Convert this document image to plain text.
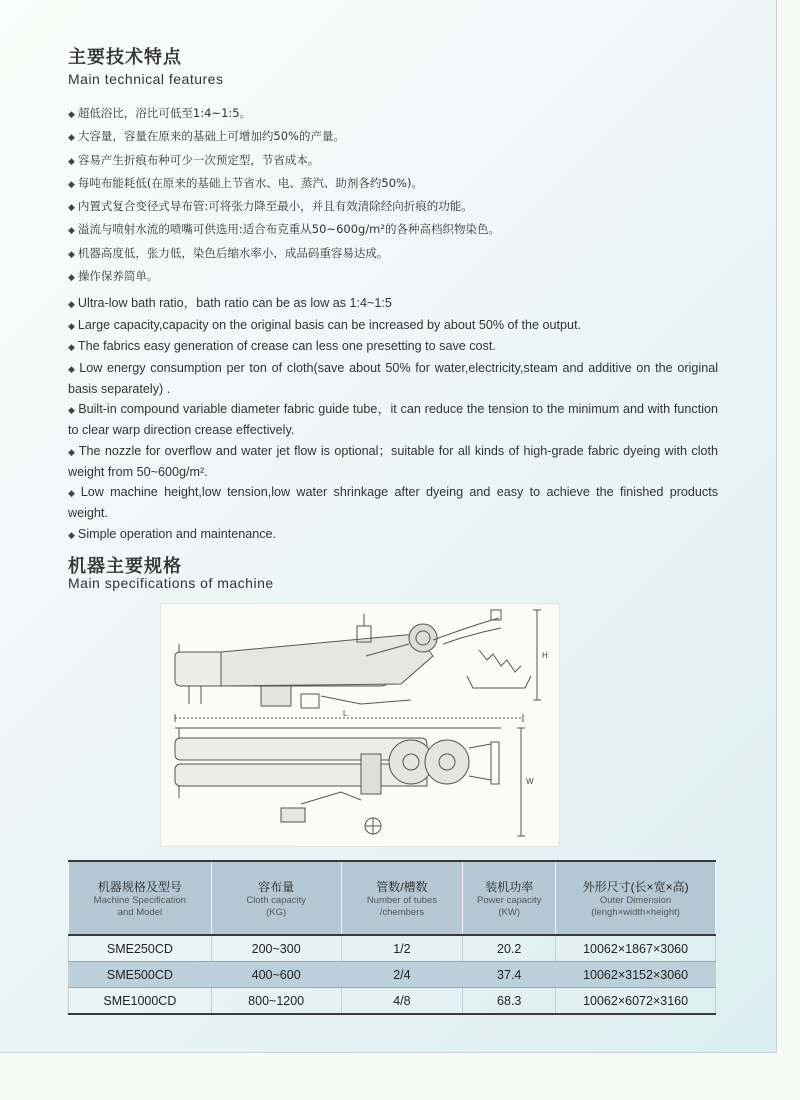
主要技术特点
Main technical features
◆ 超低浴比，浴比可低至1:4~1:5。
◆ 大容量，容量在原来的基础上可增加约50%的产量。
◆ 容易产生折痕布种可少一次预定型，节省成本。
◆ 每吨布能耗低(在原来的基础上节省水、电、蒸汽、助剂各约50%)。
◆ 内置式复合变径式导布管:可将张力降至最小，并且有效清除经向折痕的功能。
◆ 溢流与喷射水流的喷嘴可供选用:适合布克重从50~600g/m²的各种高档织物染色。
◆ 机器高度低，张力低，染色后缩水率小，成品码重容易达成。
◆ 操作保养简单。
◆ Ultra-low bath ratio，bath ratio can be as low as 1:4~1:5
◆ Large capacity,capacity on the original basis can be increased by about 50% of the output.
◆ The fabrics easy generation of crease can less one presetting to save cost.
◆ Low energy consumption per ton of cloth(save about 50% for water,electricity,steam and additive on the original basis separately) .
◆ Built-in compound variable diameter fabric guide tube，it can reduce the tension to the minimum and with function to clear warp direction crease effectively.
◆ The nozzle for overflow and water jet flow is optional；suitable for all kinds of high-grade fabric dyeing with cloth weight from 50~600g/m².
◆ Low machine height,low tension,low water shrinkage after dyeing and easy to achieve the finished products weight.
◆ Simple operation and maintenance.
机器主要规格
Main specifications of machine
L
H
W
机器规格及型号
Machine Specification
and Model	容布量
Cloth capacity
(KG)	管数/槽数
Number of tubes
/chembers	装机功率
Power capacity
(KW)	外形尺寸(长×宽×高)
Outer Dimension
(lengh×width×height)

SME250CD	200~300	1/2	20.2	10062×1867×3060
SME500CD	400~600	2/4	37.4	10062×3152×3060
SME1000CD	800~1200	4/8	68.3	10062×6072×3160
